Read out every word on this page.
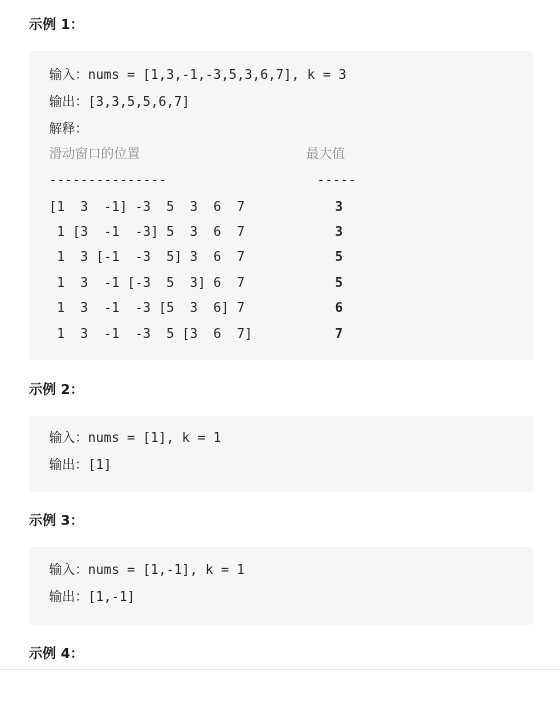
示例 1：
输入：nums = [1,3,-1,-3,5,3,6,7], k = 3
输出：[3,3,5,5,6,7]
解释：
滑动窗口的位置	最大值
---------------	-----
[1  3  -1] -3  5  3  6  7	3
1 [3  -1  -3] 5  3  6  7	3
1  3 [-1  -3  5] 3  6  7	5
1  3  -1 [-3  5  3] 6  7	5
1  3  -1  -3 [5  3  6] 7	6
1  3  -1  -3  5 [3  6  7]	7
示例 2：
输入：nums = [1], k = 1
输出：[1]
示例 3：
输入：nums = [1,-1], k = 1
输出：[1,-1]
示例 4：
